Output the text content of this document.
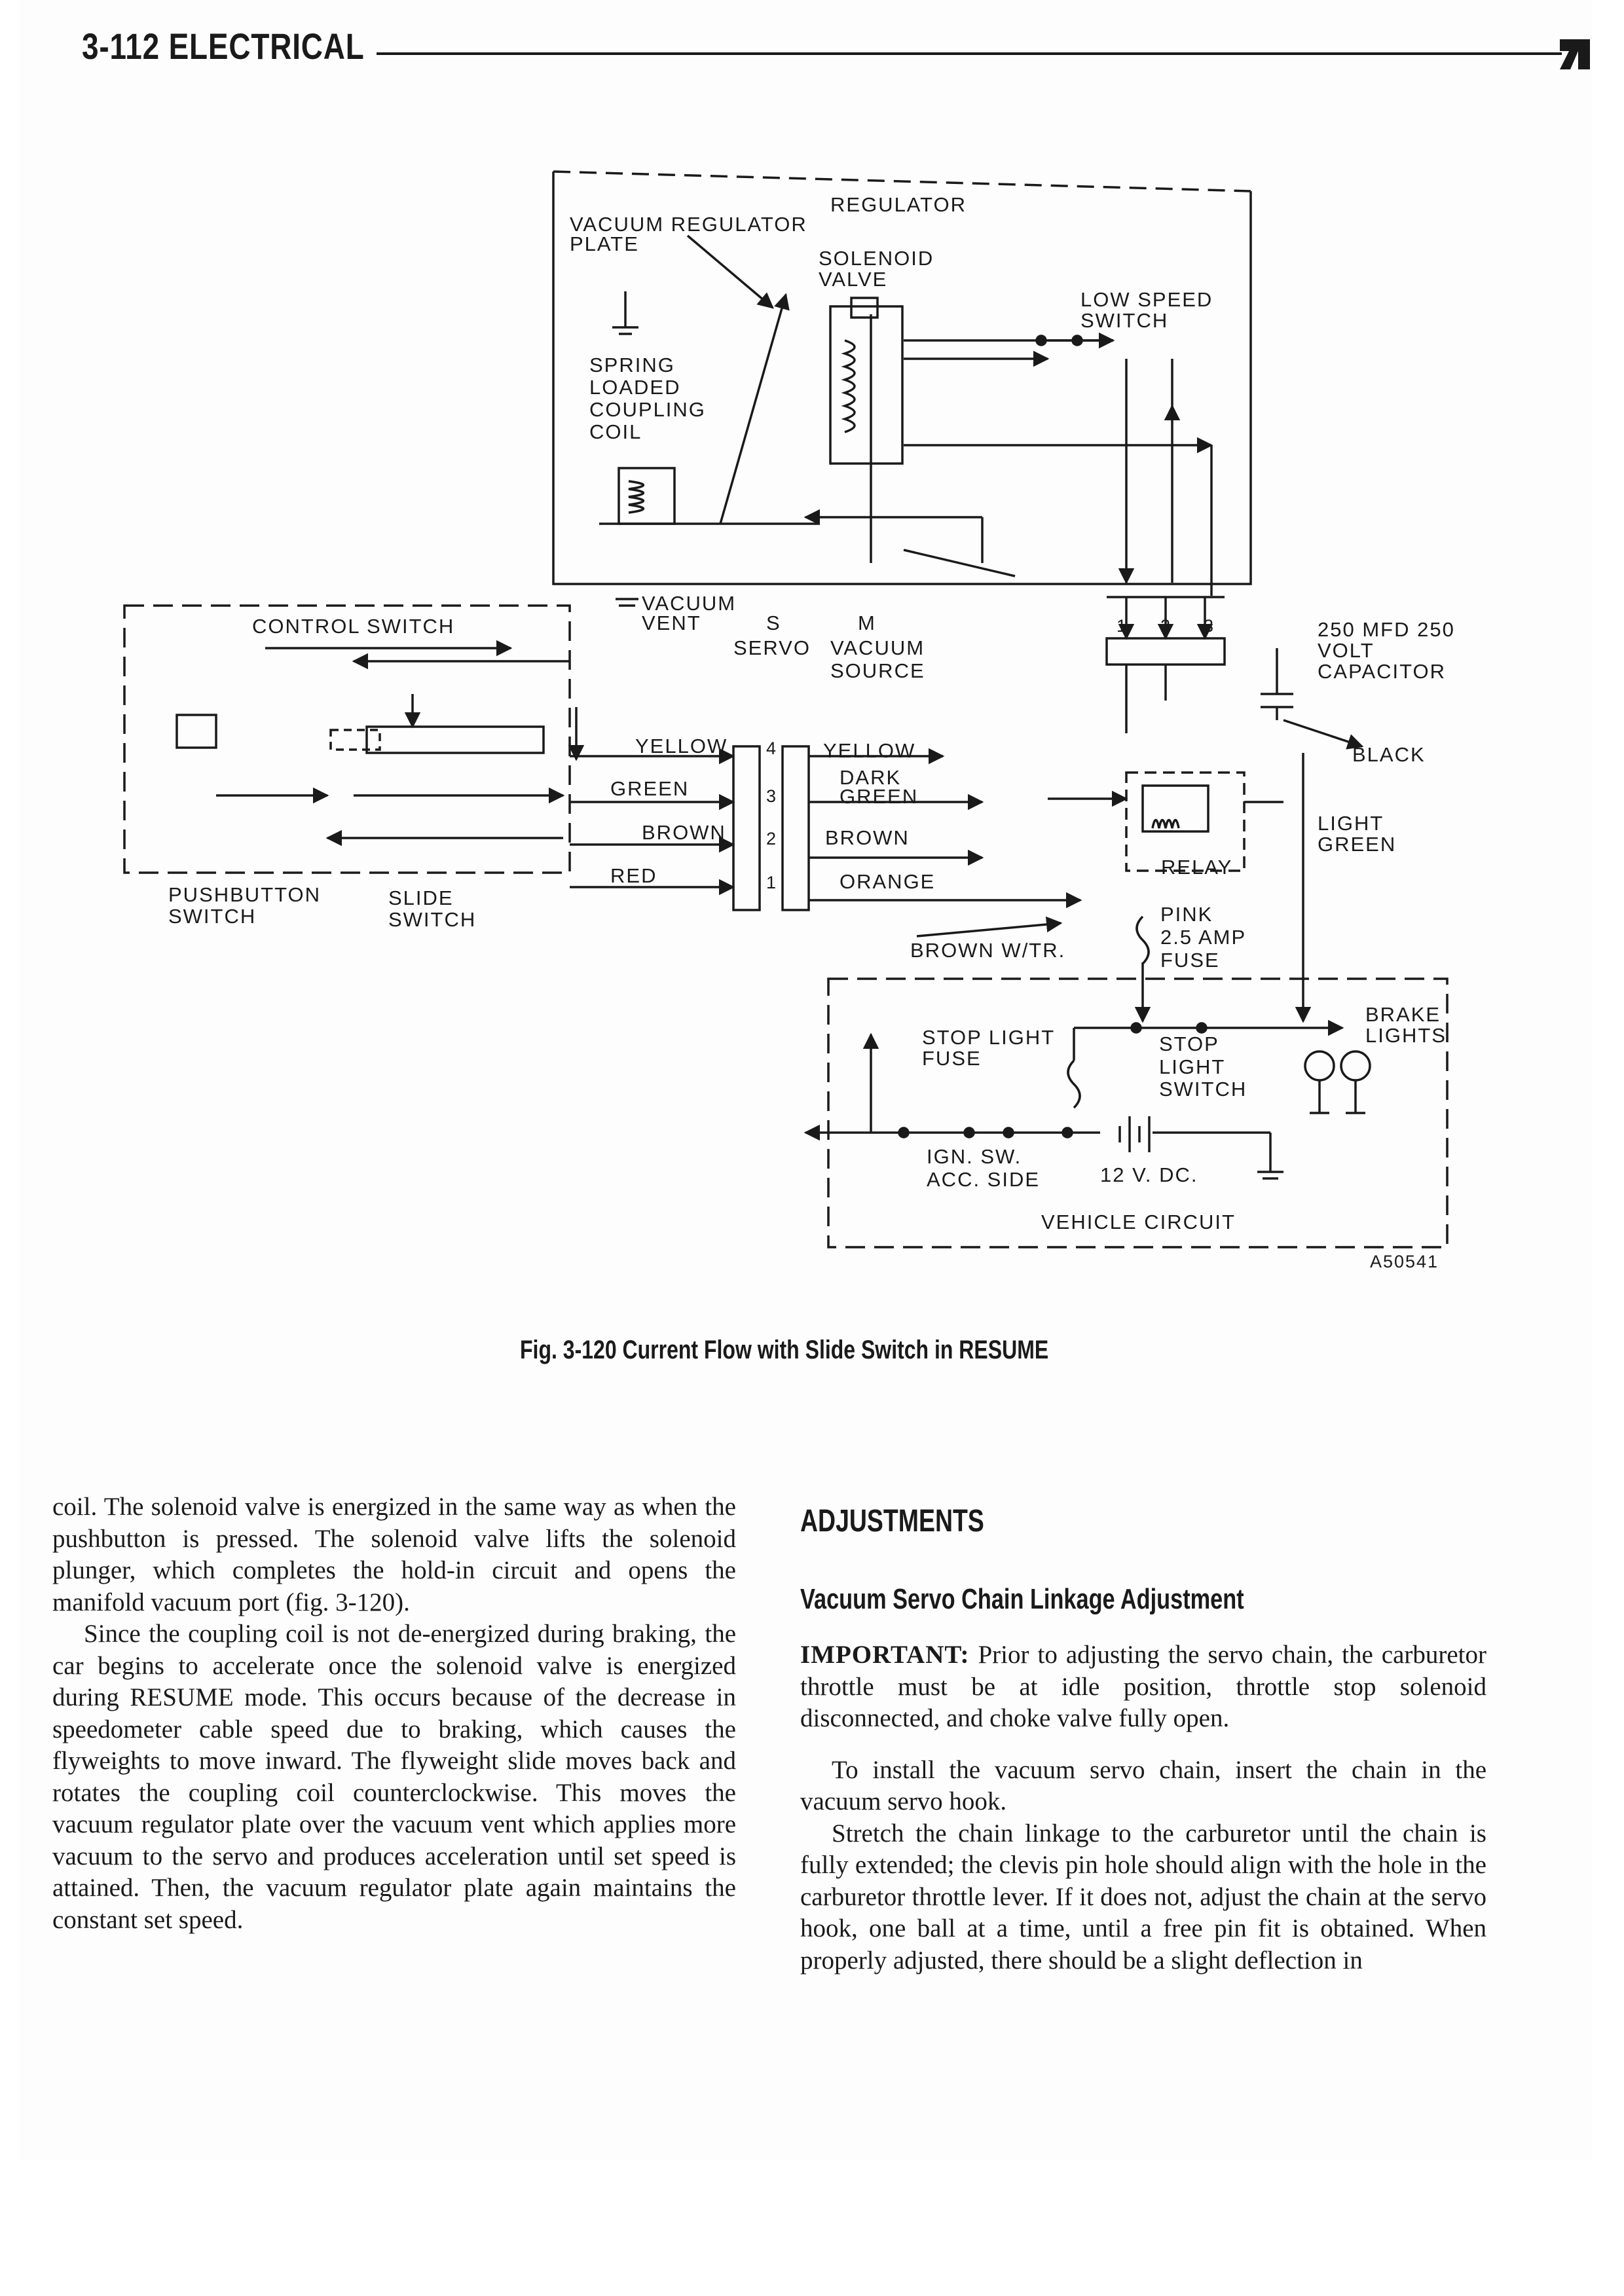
3-112 ELECTRICAL
REGULATOR
VACUUM REGULATOR
PLATE
SOLENOID
VALVE
LOW SPEED
SWITCH
SPRING
LOADED
COUPLING
COIL
VACUUM
VENT	S	M
SERVO VACUUM
SOURCE
CONTROL SWITCH	1 2 3	250 MFD 250
VOLT
CAPACITOR
YELLOW
GREEN
BROWN
RED
4
3
2
1
YELLOW
DARK
GREEN
BROWN
ORANGE
BLACK
LIGHT
GREEN
RELAY
PUSHBUTTON
SWITCH
SLIDE
SWITCH	PINK
2.5 AMP
FUSE
BROWN W/TR.
BRAKE
LIGHTS
STOP LIGHT
FUSE
STOP
LIGHT
SWITCH
IGN. SW.
ACC. SIDE	12 V. DC.
VEHICLE CIRCUIT
A50541
Fig. 3-120 Current Flow with Slide Switch in RESUME

coil. The solenoid valve is energized in the same way as when the pushbutton is pressed. The solenoid valve lifts the solenoid plunger, which completes the hold-in circuit and opens the manifold vacuum port (fig. 3-120).

Since the coupling coil is not de-energized during braking, the car begins to accelerate once the solenoid valve is energized during RESUME mode. This occurs because of the decrease in speedometer cable speed due to braking, which causes the flyweights to move inward. The flyweight slide moves back and rotates the coupling coil counterclockwise. This moves the vacuum regulator plate over the vacuum vent which applies more vacuum to the servo and produces acceleration until set speed is attained. Then, the vacuum regulator plate again maintains the constant set speed.

ADJUSTMENTS
Vacuum Servo Chain Linkage Adjustment

IMPORTANT: Prior to adjusting the servo chain, the carburetor throttle must be at idle position, throttle stop solenoid disconnected, and choke valve fully open.

To install the vacuum servo chain, insert the chain in the vacuum servo hook.

Stretch the chain linkage to the carburetor until the chain is fully extended; the clevis pin hole should align with the hole in the carburetor throttle lever. If it does not, adjust the chain at the servo hook, one ball at a time, until a free pin fit is obtained. When properly adjusted, there should be a slight deflection in
